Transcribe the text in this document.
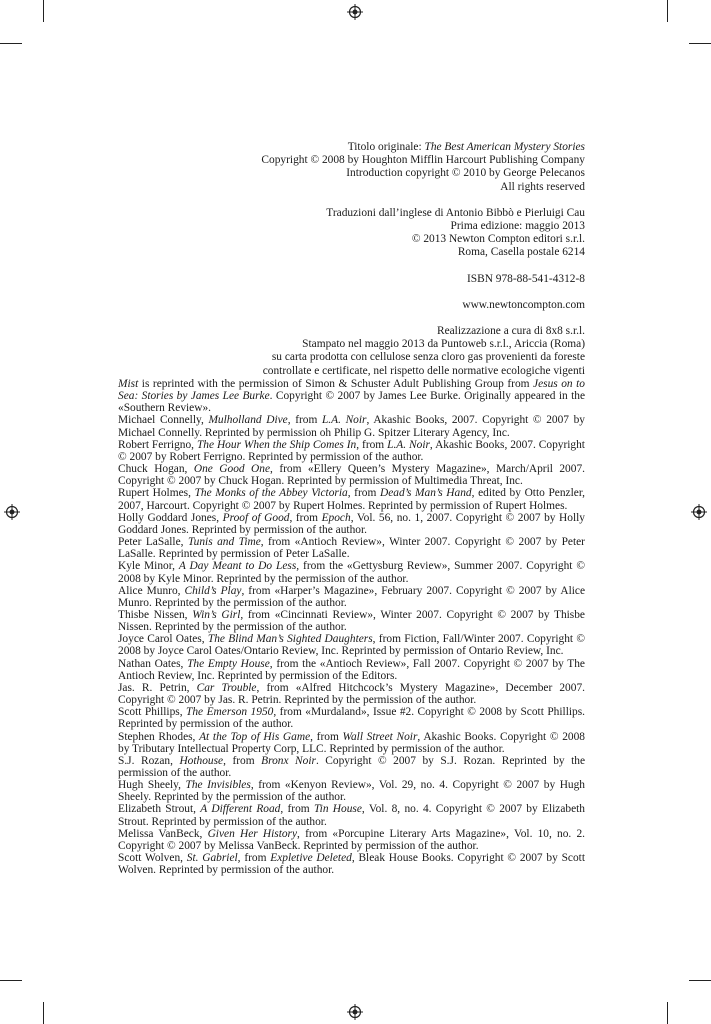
Titolo originale: The Best American Mystery Stories

Copyright © 2008 by Houghton Mifflin Harcourt Publishing Company

Introduction copyright © 2010 by George Pelecanos

All rights reserved

Traduzioni dall’inglese di Antonio Bibbò e Pierluigi Cau

Prima edizione: maggio 2013

© 2013 Newton Compton editori s.r.l.

Roma, Casella postale 6214

ISBN 978-88-541-4312-8

www.newtoncompton.com

Realizzazione a cura di 8x8 s.r.l.

Stampato nel maggio 2013 da Puntoweb s.r.l., Ariccia (Roma)

su carta prodotta con cellulose senza cloro gas provenienti da foreste

controllate e certificate, nel rispetto delle normative ecologiche vigenti

Mist is reprinted with the permission of Simon & Schuster Adult Publishing Group from Jesus on to Sea: Stories by James Lee Burke. Copyright © 2007 by James Lee Burke. Originally appeared in the «Southern Review».

Michael Connelly, Mulholland Dive, from L.A. Noir, Akashic Books, 2007. Copyright © 2007 by Michael Connelly. Reprinted by permission oh Philip G. Spitzer Literary Agency, Inc.

Robert Ferrigno, The Hour When the Ship Comes In, from L.A. Noir, Akashic Books, 2007. Copyright © 2007 by Robert Ferrigno. Reprinted by permission of the author.

Chuck Hogan, One Good One, from «Ellery Queen’s Mystery Magazine», March/April 2007. Copyright © 2007 by Chuck Hogan. Reprinted by permission of Multimedia Threat, Inc.

Rupert Holmes, The Monks of the Abbey Victoria, from Dead’s Man’s Hand, edited by Otto Penzler, 2007, Harcourt. Copyright © 2007 by Rupert Holmes. Reprinted by permission of Rupert Holmes.

Holly Goddard Jones, Proof of Good, from Epoch, Vol. 56, no. 1, 2007. Copyright © 2007 by Holly Goddard Jones. Reprinted by permission of the author.

Peter LaSalle, Tunis and Time, from «Antioch Review», Winter 2007. Copyright © 2007 by Peter LaSalle. Reprinted by permission of Peter LaSalle.

Kyle Minor, A Day Meant to Do Less, from the «Gettysburg Review», Summer 2007. Copyright © 2008 by Kyle Minor. Reprinted by the permission of the author.

Alice Munro, Child’s Play, from «Harper’s Magazine», February 2007. Copyright © 2007 by Alice Munro. Reprinted by the permission of the author.

Thisbe Nissen, Win’s Girl, from «Cincinnati Review», Winter 2007. Copyright © 2007 by Thisbe Nissen. Reprinted by the permission of the author.

Joyce Carol Oates, The Blind Man’s Sighted Daughters, from Fiction, Fall/Winter 2007. Copyright © 2008 by Joyce Carol Oates/Ontario Review, Inc. Reprinted by permission of Ontario Review, Inc.

Nathan Oates, The Empty House, from the «Antioch Review», Fall 2007. Copyright © 2007 by The Antioch Review, Inc. Reprinted by permission of the Editors.

Jas. R. Petrin, Car Trouble, from «Alfred Hitchcock’s Mystery Magazine», December 2007. Copyright © 2007 by Jas. R. Petrin. Reprinted by the permission of the author.

Scott Phillips, The Emerson 1950, from «Murdaland», Issue #2. Copyright © 2008 by Scott Phillips. Reprinted by permission of the author.

Stephen Rhodes, At the Top of His Game, from Wall Street Noir, Akashic Books. Copyright © 2008 by Tributary Intellectual Property Corp, LLC. Reprinted by permission of the author.

S.J. Rozan, Hothouse, from Bronx Noir. Copyright © 2007 by S.J. Rozan. Reprinted by the permission of the author.

Hugh Sheely, The Invisibles, from «Kenyon Review», Vol. 29, no. 4. Copyright © 2007 by Hugh Sheely. Reprinted by the permission of the author.

Elizabeth Strout, A Different Road, from Tin House, Vol. 8, no. 4. Copyright © 2007 by Elizabeth Strout. Reprinted by permission of the author.

Melissa VanBeck, Given Her History, from «Porcupine Literary Arts Magazine», Vol. 10, no. 2. Copyright © 2007 by Melissa VanBeck. Reprinted by permission of the author.

Scott Wolven, St. Gabriel, from Expletive Deleted, Bleak House Books. Copyright © 2007 by Scott Wolven. Reprinted by permission of the author.
